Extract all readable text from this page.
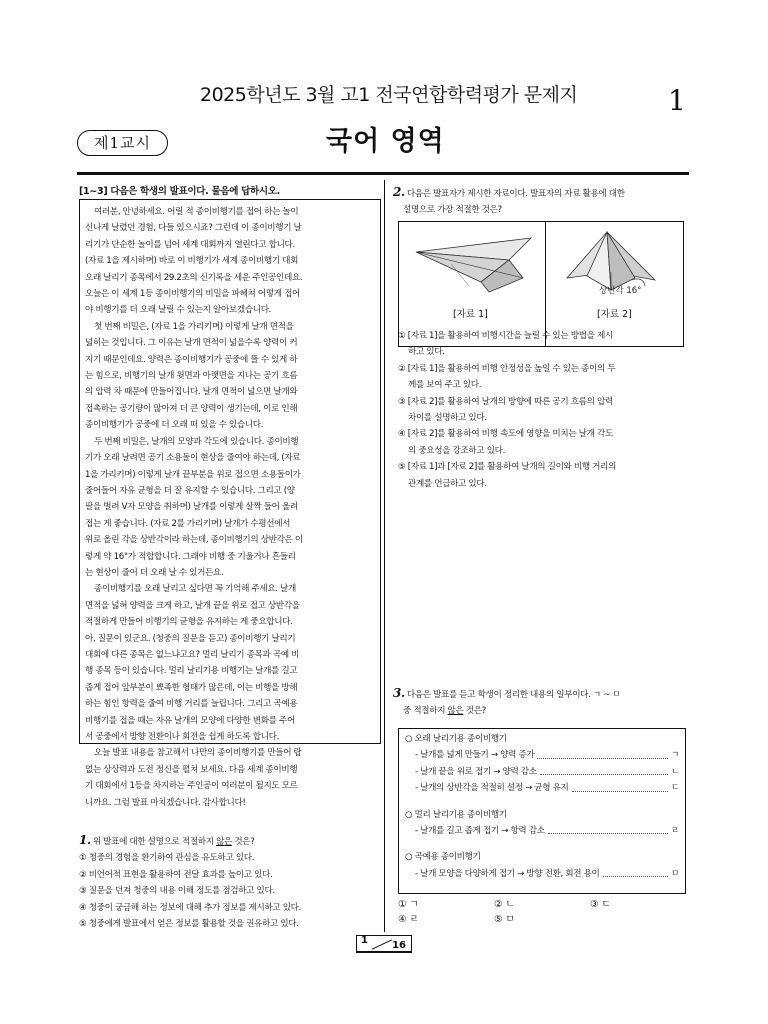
2025학년도 3월 고1 전국연합학력평가 문제지	1
제1교시	국어 영역
[1~3] 다음은 학생의 발표이다. 물음에 답하시오.
여러분, 안녕하세요. 어릴 적 종이비행기를 접어 하는 놀이
신나게 날렸던 경험, 다들 있으시죠? 그런데 이 종이비행기 날
리기가 단순한 놀이를 넘어 세계 대회까지 열린다고 합니다.
(자료 1을 제시하며) 바로 이 비행기가 세계 종이비행기 대회
오래 날리기 종목에서 29.2초의 신기록을 세운 주인공인데요.
오늘은 이 세계 1등 종이비행기의 비밀을 파헤쳐 어떻게 접어
야 비행기를 더 오래 날릴 수 있는지 알아보겠습니다.
첫 번째 비밀은, (자료 1을 가리키며) 이렇게 날개 면적을
넓히는 것입니다. 그 이유는 날개 면적이 넓을수록 양력이 커
지기 때문인데요. 양력은 종이비행기가 공중에 뜰 수 있게 하
는 힘으로, 비행기의 날개 윗면과 아랫면을 지나는 공기 흐름
의 압력 차 때문에 만들어집니다. 날개 면적이 넓으면 날개와
접촉하는 공기량이 많아져 더 큰 양력이 생기는데, 이로 인해
종이비행기가 공중에 더 오래 떠 있을 수 있습니다.
두 번째 비밀은, 날개의 모양과 각도에 있습니다. 종이비행
기가 오래 날려면 공기 소용돌이 현상을 줄여야 하는데, (자료
1을 가리키며) 이렇게 날개 끝부분을 위로 접으면 소용돌이가
줄어들어 자유 균형을 더 잘 유지할 수 있습니다. 그리고 (양
팔을 벌려 V자 모양을 취하며) 날개를 이렇게 살짝 들어 올려
접는 게 좋습니다. (자료 2를 가리키며) 날개가 수평선에서
위로 올린 각을 상반각이라 하는데, 종이비행기의 상반각은 이
렇게 약 16°가 적합합니다. 그래야 비행 중 기울거나 흔들리
는 현상이 줄어 더 오래 날 수 있거든요.
종이비행기를 오래 날리고 싶다면 꼭 기억해 주세요. 날개
면적을 넓혀 양력을 크게 하고, 날개 끝을 위로 접고 상반각을
적절하게 만들어 비행기의 균형을 유지하는 게 중요합니다.
아, 질문이 있군요. (청중의 질문을 듣고) 종이비행기 날리기
대회에 다른 종목은 없느냐고요? 멀리 날리기 종목과 곡예 비
행 종목 등이 있습니다. 멀리 날리기용 비행기는 날개를 길고
좁게 접어 앞부분이 뾰족한 형태가 많은데, 이는 비행을 방해
하는 힘인 항력을 줄여 비행 거리를 늘립니다. 그리고 곡예용
비행기를 접을 때는 자유 날개의 모양에 다양한 변화를 주어
서 공중에서 방향 전환이나 회전을 쉽게 하도록 합니다.
오늘 발표 내용을 참고해서 나만의 종이비행기를 만들어 랍
없는 상상력과 도전 정신을 펼쳐 보세요. 다음 세계 종이비행
기 대회에서 1등을 차지하는 주인공이 여러분이 될지도 모르
니까요. 그럼 발표 마치겠습니다. 감사합니다!
1. 위 발표에 대한 설명으로 적절하지 않은 것은?
① 청중의 경험을 환기하여 관심을 유도하고 있다.
② 비언어적 표현을 활용하여 전달 효과를 높이고 있다.
③ 질문을 던져 청중의 내용 이해 정도를 점검하고 있다.
④ 청중이 궁금해 하는 정보에 대해 추가 정보를 제시하고 있다.
⑤ 청중에게 발표에서 얻은 정보를 활용할 것을 권유하고 있다.
2. 다음은 발표자가 제시한 자료이다. 발표자의 자료 활용에 대한
설명으로 가장 적절한 것은?
상반각 16°
[자료 1]	[자료 2]
① [자료 1]을 활용하여 비행시간을 늘릴 수 있는 방법을 제시
하고 있다.
② [자료 1]을 활용하여 비행 안정성을 높일 수 있는 종이의 두
께를 보여 주고 있다.
③ [자료 2]를 활용하여 날개의 방향에 따른 공기 흐름의 압력
차이를 설명하고 있다.
④ [자료 2]를 활용하여 비행 속도에 영향을 미치는 날개 각도
의 중요성을 강조하고 있다.
⑤ [자료 1]과 [자료 2]를 활용하여 날개의 길이와 비행 거리의
관계를 언급하고 있다.
3. 다음은 발표를 듣고 학생이 정리한 내용의 일부이다. ㄱ ~ ㅁ
중 적절하지 않은 것은?
○ 오래 날리기용 종이비행기
- 날개를 넓게 만들기 → 양력 증가	ㄱ
- 날개 끝을 위로 접기 → 양력 감소	ㄴ
- 날개의 상반각을 적절히 설정 → 균형 유지	ㄷ
○ 멀리 날리기용 종이비행기
- 날개를 길고 좁게 접기 → 항력 감소	ㄹ
○ 곡예용 종이비행기
- 날개 모양을 다양하게 접기 → 방향 전환, 회전 용이	ㅁ
① ㄱ	② ㄴ	③ ㄷ
④ ㄹ	⑤ ㅁ
1 16
